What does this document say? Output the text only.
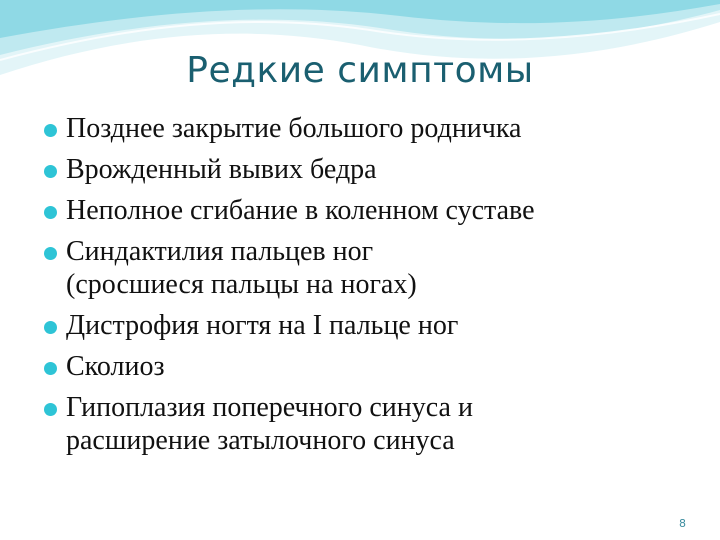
Редкие симптомы
Позднее закрытие большого родничка
Врожденный вывих бедра
Неполное сгибание в коленном суставе
Синдактилия пальцев ног
(сросшиеся пальцы на ногах)
Дистрофия ногтя на I пальце ног
Сколиоз
Гипоплазия поперечного синуса и
расширение затылочного синуса
8
